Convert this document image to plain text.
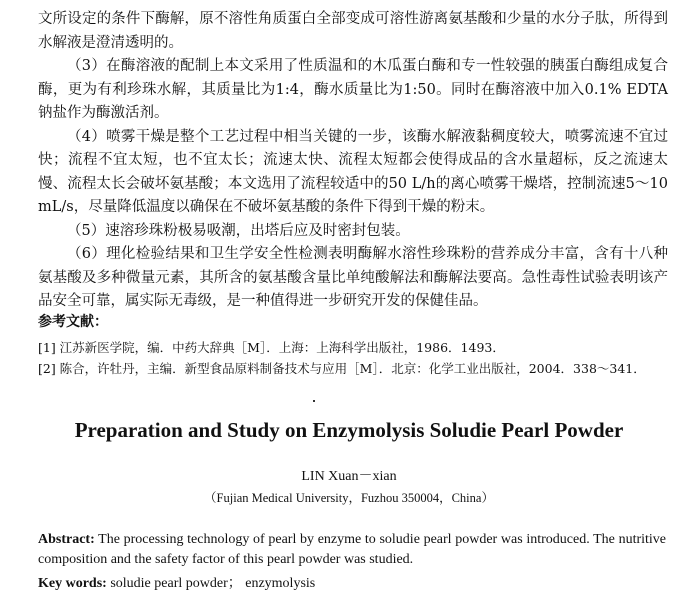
文所设定的条件下酶解，原不溶性角质蛋白全部变成可溶性游离氨基酸和少量的水分子肽，所得到水解液是澄清透明的。

（3）在酶溶液的配制上本文采用了性质温和的木瓜蛋白酶和专一性较强的胰蛋白酶组成复合酶，更为有利珍珠水解，其质量比为1:4，酶水质量比为1:50。同时在酶溶液中加入0.1% EDTA钠盐作为酶激活剂。

（4）喷雾干燥是整个工艺过程中相当关键的一步，该酶水解液黏稠度较大，喷雾流速不宜过快；流程不宜太短，也不宜太长；流速太快、流程太短都会使得成品的含水量超标，反之流速太慢、流程太长会破坏氨基酸；本文选用了流程较适中的50 L/h的离心喷雾干燥塔，控制流速5～10 mL/s，尽量降低温度以确保在不破坏氨基酸的条件下得到干燥的粉末。

（5）速溶珍珠粉极易吸潮，出塔后应及时密封包装。

（6）理化检验结果和卫生学安全性检测表明酶解水溶性珍珠粉的营养成分丰富，含有十八种氨基酸及多种微量元素，其所含的氨基酸含量比单纯酸解法和酶解法要高。急性毒性试验表明该产品安全可靠，属实际无毒级，是一种值得进一步研究开发的保健佳品。

参考文献：
[1] 江苏新医学院，编．中药大辞典［M］．上海：上海科学出版社，1986．1493．
[2] 陈合，许牡丹，主编．新型食品原料制备技术与应用［M］．北京：化学工业出版社，2004．338～341．
Preparation and Study on Enzymolysis Soludie Pearl Powder
LIN Xuan－xian
（Fujian Medical University，Fuzhou 350004，China）
Abstract: The processing technology of pearl by enzyme to soludie pearl powder was introduced. The nutritive composition and the safety factor of this pearl powder was studied.
Key words: soludie pearl powder； enzymolysis
